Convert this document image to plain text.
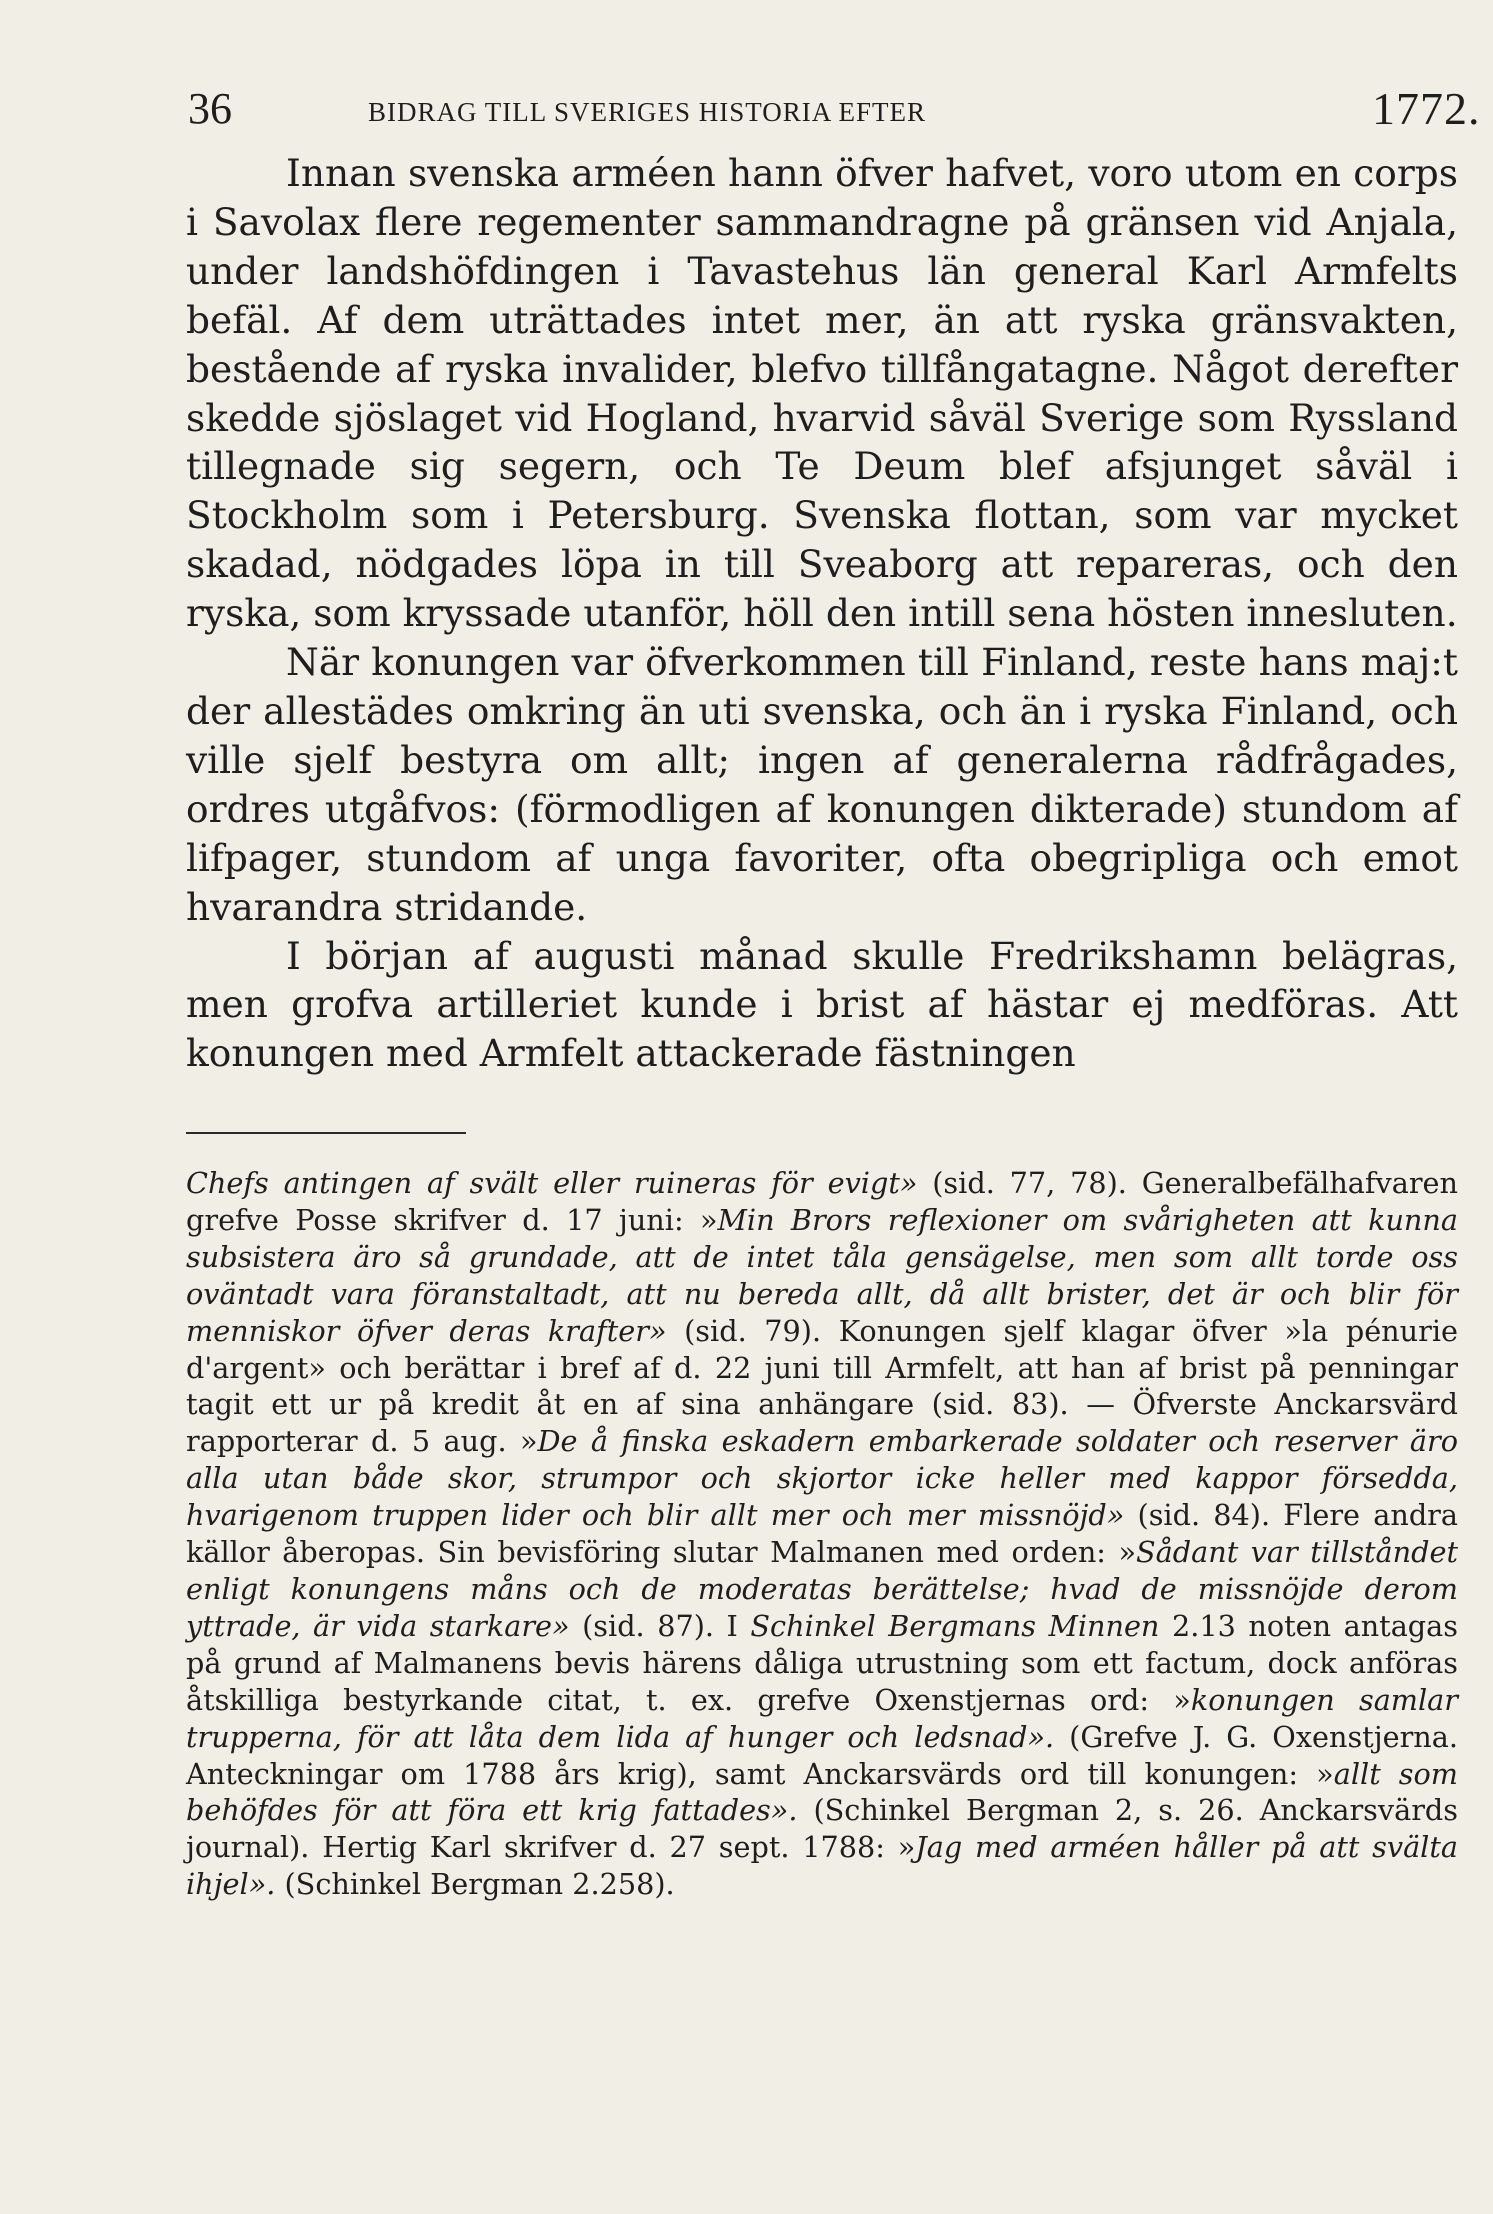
36	BIDRAG TILL SVERIGES HISTORIA EFTER	1772.

Innan svenska arméen hann öfver hafvet, voro utom en corps i Savolax flere regementer sammandragne på gränsen vid Anjala, under landshöfdingen i Tavastehus län general Karl Armfelts befäl. Af dem uträttades intet mer, än att ryska gränsvakten, bestående af ryska invalider, blefvo tillfångatagne. Något derefter skedde sjöslaget vid Hogland, hvarvid såväl Sverige som Ryssland tillegnade sig segern, och Te Deum blef afsjunget såväl i Stockholm som i Petersburg. Svenska flottan, som var mycket skadad, nödgades löpa in till Sveaborg att repareras, och den ryska, som kryssade utanför, höll den intill sena hösten innesluten.

När konungen var öfverkommen till Finland, reste hans maj:t der allestädes omkring än uti svenska, och än i ryska Finland, och ville sjelf bestyra om allt; ingen af generalerna rådfrågades, ordres utgåfvos: (förmodligen af konungen dikterade) stundom af lifpager, stundom af unga favoriter, ofta obegripliga och emot hvarandra stridande.

I början af augusti månad skulle Fredrikshamn belägras, men grofva artilleriet kunde i brist af hästar ej medföras. Att konungen med Armfelt attackerade fästningen

Chefs antingen af svält eller ruineras för evigt» (sid. 77, 78). Generalbefälhafvaren grefve Posse skrifver d. 17 juni: »Min Brors reflexioner om svårigheten att kunna subsistera äro så grundade, att de intet tåla gensägelse, men som allt torde oss oväntadt vara föranstaltadt, att nu bereda allt, då allt brister, det är och blir för menniskor öfver deras krafter» (sid. 79). Konungen sjelf klagar öfver »la pénurie d'argent» och berättar i bref af d. 22 juni till Armfelt, att han af brist på penningar tagit ett ur på kredit åt en af sina anhängare (sid. 83). — Öfverste Anckarsvärd rapporterar d. 5 aug. »De å finska eskadern embarkerade soldater och reserver äro alla utan både skor, strumpor och skjortor icke heller med kappor försedda, hvarigenom truppen lider och blir allt mer och mer missnöjd» (sid. 84). Flere andra källor åberopas. Sin bevisföring slutar Malmanen med orden: »Sådant var tillståndet enligt konungens måns och de moderatas berättelse; hvad de missnöjde derom yttrade, är vida starkare» (sid. 87). I Schinkel Bergmans Minnen 2.13 noten antagas på grund af Malmanens bevis härens dåliga utrustning som ett factum, dock anföras åtskilliga bestyrkande citat, t. ex. grefve Oxenstjernas ord: »konungen samlar trupperna, för att låta dem lida af hunger och ledsnad». (Grefve J. G. Oxenstjerna. Anteckningar om 1788 års krig), samt Anckarsvärds ord till konungen: »allt som behöfdes för att föra ett krig fattades». (Schinkel Bergman 2, s. 26. Anckarsvärds journal). Hertig Karl skrifver d. 27 sept. 1788: »Jag med arméen håller på att svälta ihjel». (Schinkel Bergman 2.258).
